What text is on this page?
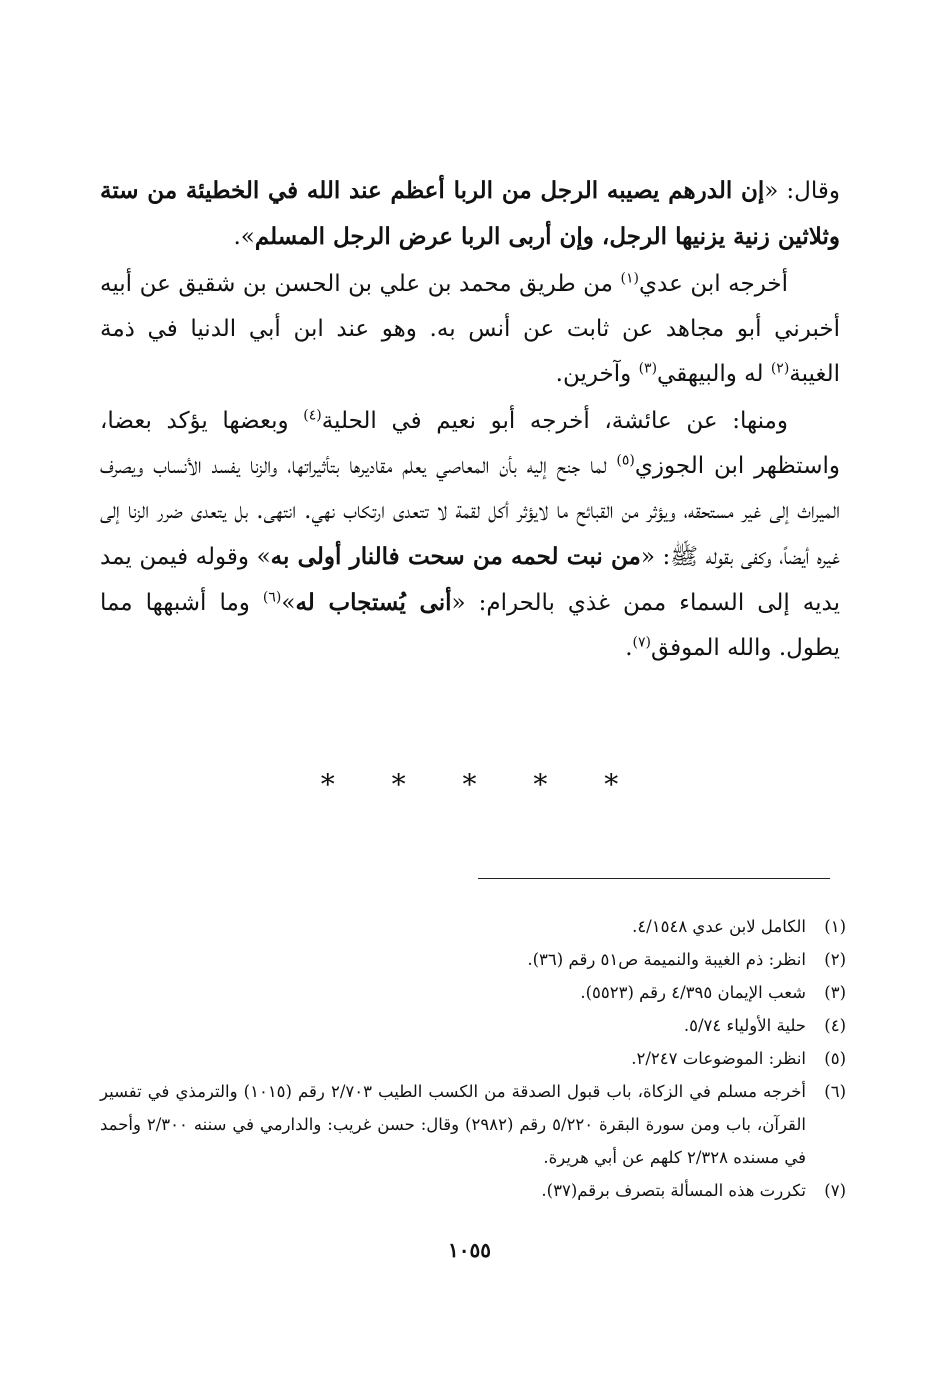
وقال: «إن الدرهم يصيبه الرجل من الربا أعظم عند الله في الخطيئة من ستة وثلاثين زنية يزنيها الرجل، وإن أربى الربا عرض الرجل المسلم».

أخرجه ابن عدي$^{(١)}$ من طريق محمد بن علي بن الحسن بن شقيق عن أبيه أخبرني أبو مجاهد عن ثابت عن أنس به. وهو عند ابن أبي الدنيا في ذمة الغيبة$^{(٢)}$ له والبيهقي$^{(٣)}$ وآخرين.

ومنها: عن عائشة، أخرجه أبو نعيم في الحلية$^{(٤)}$ وبعضها يؤكد بعضا، واستظهر ابن الجوزي$^{(٥)}$ لما جنح إليه بأن المعاصي يعلم مقاديرها بتأثيراتها، والزنا يفسد الأنساب ويصرف الميراث إلى غير مستحقه، ويؤثر من القبائح ما لايؤثر أكل لقمة لا تتعدى ارتكاب نهي. انتهى. بل يتعدى ضرر الزنا إلى غيره أيضاً، وكفى بقوله ﷺ: «من نبت لحمه من سحت فالنار أولى به» وقوله فيمن يمد يديه إلى السماء ممن غذي بالحرام: «أنى يُستجاب له»$^{(٦)}$ وما أشبهها مما يطول. والله الموفق$^{(٧)}$.

* * * * *
(١)
الكامل لابن عدي ٤/١٥٤٨.
(٢)
انظر: ذم الغيبة والنميمة ص٥١ رقم (٣٦).
(٣)
شعب الإيمان ٤/٣٩٥ رقم (٥٥٢٣).
(٤)
حلية الأولياء ٥/٧٤.
(٥)
انظر: الموضوعات ٢/٢٤٧.
(٦)
أخرجه مسلم في الزكاة، باب قبول الصدقة من الكسب الطيب ٢/٧٠٣ رقم (١٠١٥) والترمذي في تفسير القرآن، باب ومن سورة البقرة ٥/٢٢٠ رقم (٢٩٨٢) وقال: حسن غريب: والدارمي في سننه ٢/٣٠٠ وأحمد في مسنده ٢/٣٢٨ كلهم عن أبي هريرة.
(٧)
تكررت هذه المسألة بتصرف برقم(٣٧).
١٠٥٥
